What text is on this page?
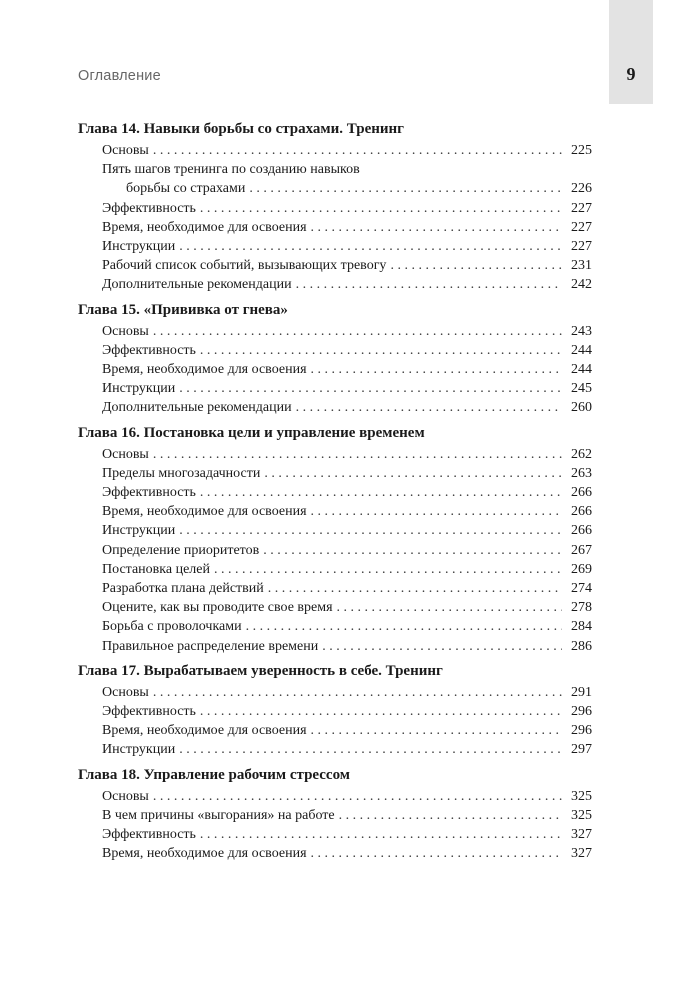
9
Оглавление
Глава 14. Навыки борьбы со страхами. Тренинг
Основы . . .	225
Пять шагов тренинга по созданию навыков
борьбы со страхами . . .	226
Эффективность . . .	227
Время, необходимое для освоения . . .	227
Инструкции . . .	227
Рабочий список событий, вызывающих тревогу . . .	231
Дополнительные рекомендации . . .	242
Глава 15. «Прививка от гнева»
Основы . . .	243
Эффективность . . .	244
Время, необходимое для освоения . . .	244
Инструкции . . .	245
Дополнительные рекомендации . . .	260
Глава 16. Постановка цели и управление временем
Основы . . .	262
Пределы многозадачности . . .	263
Эффективность . . .	266
Время, необходимое для освоения . . .	266
Инструкции . . .	266
Определение приоритетов . . .	267
Постановка целей . . .	269
Разработка плана действий . . .	274
Оцените, как вы проводите свое время . . .	278
Борьба с проволочками . . .	284
Правильное распределение времени . . .	286
Глава 17. Вырабатываем уверенность в себе. Тренинг
Основы . . .	291
Эффективность . . .	296
Время, необходимое для освоения . . .	296
Инструкции . . .	297
Глава 18. Управление рабочим стрессом
Основы . . .	325
В чем причины «выгорания» на работе . . .	325
Эффективность . . .	327
Время, необходимое для освоения . . .	327
